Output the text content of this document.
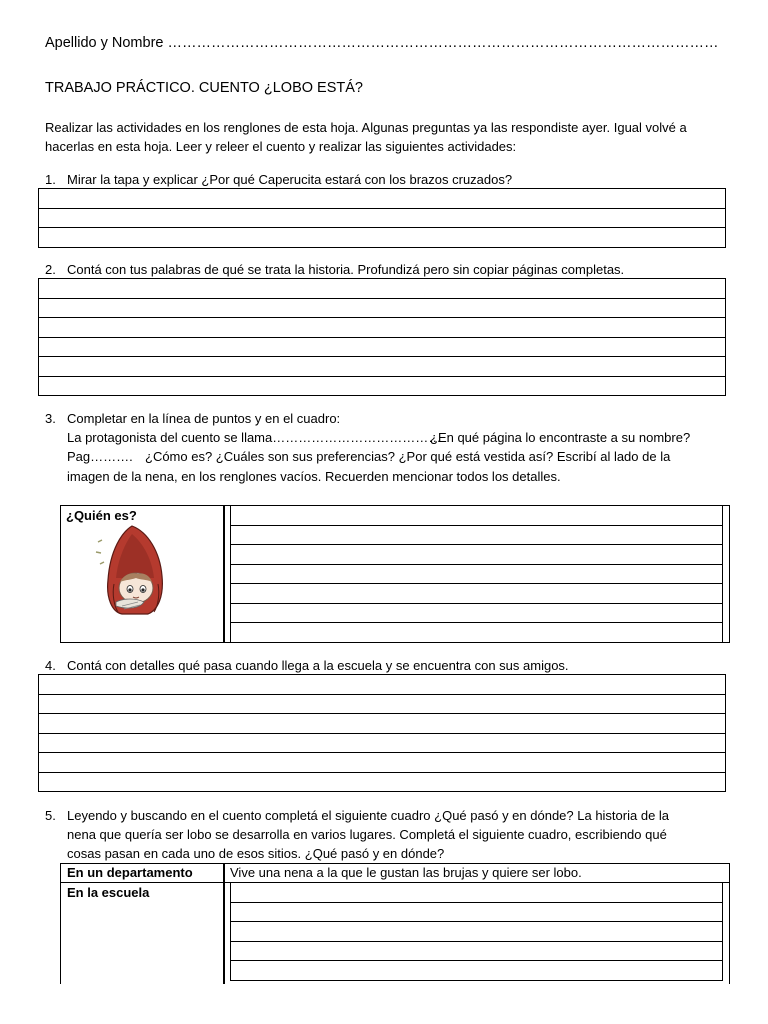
Apellido y Nombre ……………………………………………………………………………………………………
TRABAJO PRÁCTICO. CUENTO ¿LOBO ESTÁ?
Realizar las actividades en los renglones de esta hoja. Algunas preguntas ya las respondiste ayer. Igual volvé a
hacerlas en esta hoja. Leer y releer el cuento y realizar las siguientes actividades:
1. Mirar la tapa y explicar ¿Por qué Caperucita estará con los brazos cruzados?

2. Contá con tus palabras de qué se trata la historia. Profundizá pero sin copiar páginas completas.

3. Completar en la línea de puntos y en el cuadro:
La protagonista del cuento se llama…………………………………
¿En qué página lo encontraste a su nombre?
Pag………. ¿Cómo es? ¿Cuáles son sus preferencias? ¿Por qué está vestida así? Escribí al lado de la
imagen de la nena, en los renglones vacíos. Recuerden mencionar todos los detalles.
¿Quién es?

4. Contá con detalles qué pasa cuando llega a la escuela y se encuentra con sus amigos.

5. Leyendo y buscando en el cuento completá el siguiente cuadro ¿Qué pasó y en dónde? La historia de la
nena que quería ser lobo se desarrolla en varios lugares. Completá el siguiente cuadro, escribiendo qué
cosas pasan en cada uno de esos sitios. ¿Qué pasó y en dónde?
En un departamento	Vive una nena a la que le gustan las brujas y quiere ser lobo.
En la escuela
